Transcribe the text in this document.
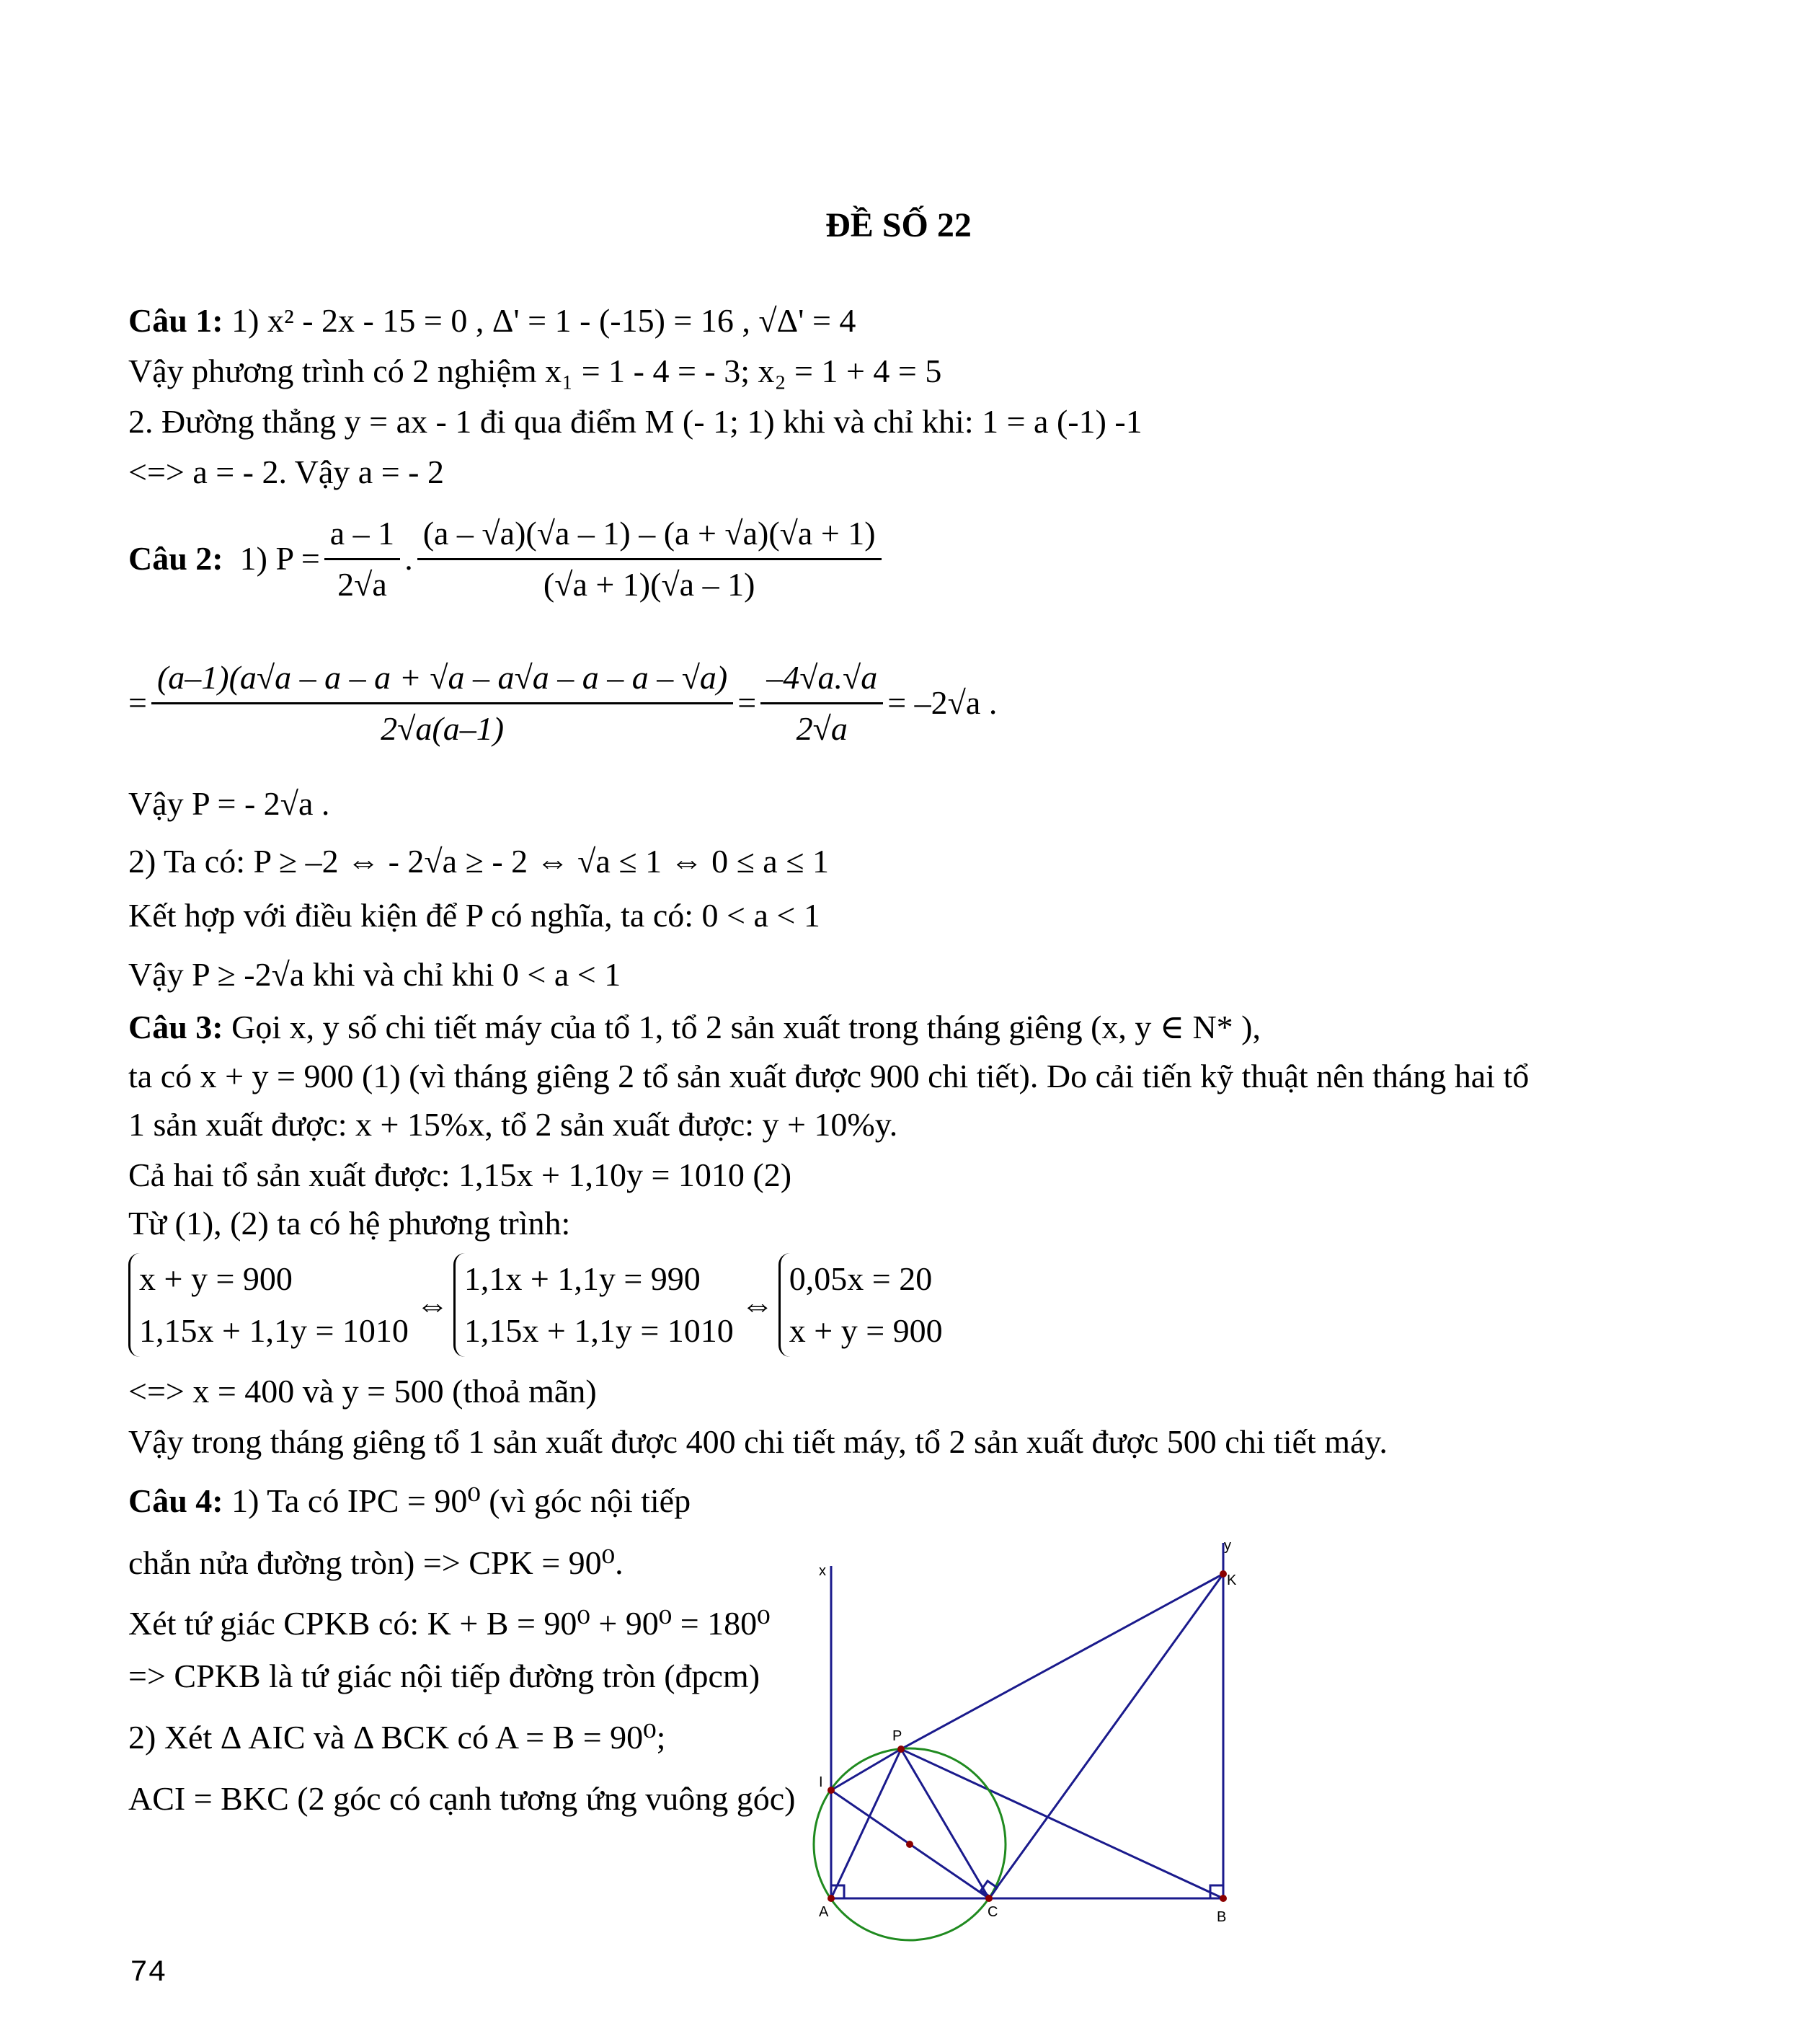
ĐỀ SỐ 22
Câu 1: 1) x² - 2x - 15 = 0 , Δ' = 1 - (-15) = 16 , √Δ' = 4
Vậy phương trình có 2 nghiệm x₁ = 1 - 4 = - 3; x₂ = 1 + 4 = 5
2. Đường thẳng y = ax - 1 đi qua điểm M (- 1; 1) khi và chỉ khi: 1 = a (-1) -1
<=> a = - 2. Vậy a = - 2
Câu 2:
1) $P = \frac{a - 1}{2√a}$ . $\frac{(a - √a)(√a - 1) - (a + √a)(√a + 1)}{(√a + 1)(√a - 1)}$
= $\frac{(a-1)(a√a - a - a + √a - a√a - a - a - √a)}{2√a(a-1)} = \frac{-4√a.√a}{2√a} = -2√a$ .
Vậy P = - 2√a .
2) Ta có: P ≥ –2 ⇔ - 2√a ≥ - 2 ⇔ √a ≤ 1 ⇔ 0 ≤ a ≤ 1
Kết hợp với điều kiện để P có nghĩa, ta có: 0 < a < 1
Vậy P ≥ -2√a khi và chỉ khi 0 < a < 1
Câu 3: Gọi x, y số chi tiết máy của tổ 1, tổ 2 sản xuất trong tháng giêng (x, y ∈ N* ),
ta có x + y = 900 (1) (vì tháng giêng 2 tổ sản xuất được 900 chi tiết). Do cải tiến kỹ thuật nên tháng hai tổ
1 sản xuất được: x + 15%x, tổ 2 sản xuất được: y + 10%y.
Cả hai tổ sản xuất được: 1,15x + 1,10y = 1010 (2)
Từ (1), (2) ta có hệ phương trình:
x + y = 900
1,15x + 1,1y = 1010
⇔
1,1x + 1,1y = 990
1,15x + 1,1y = 1010
⇔
0,05x = 20
x + y = 900
<=> x = 400 và y = 500 (thoả mãn)
Vậy trong tháng giêng tổ 1 sản xuất được 400 chi tiết máy, tổ 2 sản xuất được 500 chi tiết máy.
Câu 4: 1) Ta có IPC = 90⁰ (vì góc nội tiếp
chắn nửa đường tròn) => CPK = 90⁰.
Xét tứ giác CPKB có: K + B = 90⁰ + 90⁰ = 180⁰
=> CPKB là tứ giác nội tiếp đường tròn (đpcm)
2) Xét Δ AIC và Δ BCK có A = B = 90⁰;
ACI = BKC (2 góc có cạnh tương ứng vuông góc)
x
y
K
P
I
A	C	B
74
